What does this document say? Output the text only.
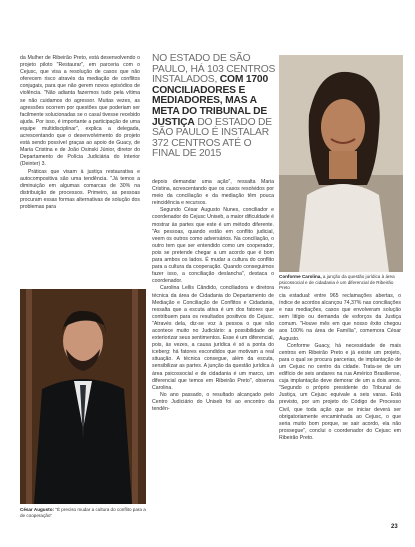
NO ESTADO DE SÃO PAULO, HÁ 103 CENTROS INSTALADOS, COM 1700 CONCILIADORES E MEDIADORES, MAS A META DO TRIBUNAL DE JUSTIÇA DO ESTADO DE SÃO PAULO É INSTALAR 372 CENTROS ATÉ O FINAL DE 2015

da Mulher de Ribeirão Preto, está desenvolvendo o projeto piloto "Restaurar", em parceria com o Cejusc, que visa a resolução de casos que não oferecem risco através da mediação de conflitos conjugais, para que não gerem novos episódios de violência. "Não adianta fazermos tudo pela vítima se não cuidamos do agressor. Muitas vezes, as agressões ocorrem por questões que poderiam ser facilmente solucionadas se o casal tivesse recebido ajuda. Por isso, é importante a participação de uma equipe multidisciplinar", explica a delegada, acrescentando que o desenvolvimento do projeto está sendo possível graças ao apoio de Guacy, de Maria Cristina e de João Osinski Júnior, diretor do Departamento de Polícia Judiciária do Interior (Deinter) 3.

Práticas que visam à justiça restaurativa e autocompositiva são uma tendência. "Já temos a diminuição em algumas comarcas de 30% na distribuição de processos. Primeiro, as pessoas procuram essas formas alternativas de solução dos problemas para

depois demandar uma ação", ressalta Maria Cristina, acrescentando que os casos resolvidos por meio da conciliação e da mediação têm pouca reincidência e recursos.

Segundo César Augusto Nunes, conciliador e coordenador do Cejusc Uniseb, a maior dificuldade é mostrar às partes que este é um método diferente. "As pessoas, quando estão em conflito judicial, veem os outros como adversários. Na conciliação, o outro tem que ser entendido como um cooperador, pois se pretende chegar a um acordo que é bom para ambos os lados. É mudar a cultura do conflito para a cultura da cooperação. Quando conseguimos fazer isso, a conciliação deslancha", destaca o coordenador.

Carolina Lellis Cândido, conciliadora e diretora técnica da área de Cidadania do Departamento de Mediação e Conciliação de Conflitos e Cidadania, ressalta que a escuta ativa é um dos fatores que contribuem para os resultados positivos do Cejusc. "Através dela, diz-se voz à pessoa o que não acontece muito no Judiciário: a possibilidade de exteriorizar seus sentimentos. Esse é um diferencial, pois, às vezes, a causa jurídica é só a ponta do iceberg: há fatores escondidos que motivam a real situação. A técnica consegue, além da escuta, sensibilizar as partes. A junção da questão jurídica à área psicossocial e de cidadania é um marco, um diferencial que temos em Ribeirão Preto", observa Carolina.

No ano passado, o resultado alcançado pelo Centro Judiciário do Uniseb foi ao encontro da tendên-

Conforme Carolina, a junção da questão jurídica à área psicossocial e de cidadania é um diferencial de Ribeirão Preto

cia estadual: entre 965 reclamações abertas, o índice de acordos alcançou 74,37% nas conciliações e nas mediações, casos que envolveram solução sem litígio ou demanda de esforços da Justiça comum. "Houve mês em que nosso êxito chegou aos 100% na área de Família", comemora César Augusto.

Conforme Guacy, há necessidade de mais centros em Ribeirão Preto e já existe um projeto, para o qual se procura parcerias, de implantação de um Cejusc no centro da cidade. Trata-se de um edifício de seis andares na rua Américo Brasiliense, cuja implantação deve demorar de um a dois anos. "Segundo o próprio presidente do Tribunal de Justiça, um Cejusc equivale a seis varas. Está previsto, por um projeto do Código de Processo Civil, que toda ação que se iniciar deverá ser obrigatoriamente encaminhada ao Cejusc, o que seria muito bom porque, se sair acordo, ela não prossegue", conclui o coordenador do Cejusc em Ribeirão Preto.

César Augusto: "É preciso mudar a cultura do conflito para a de cooperação"
23
